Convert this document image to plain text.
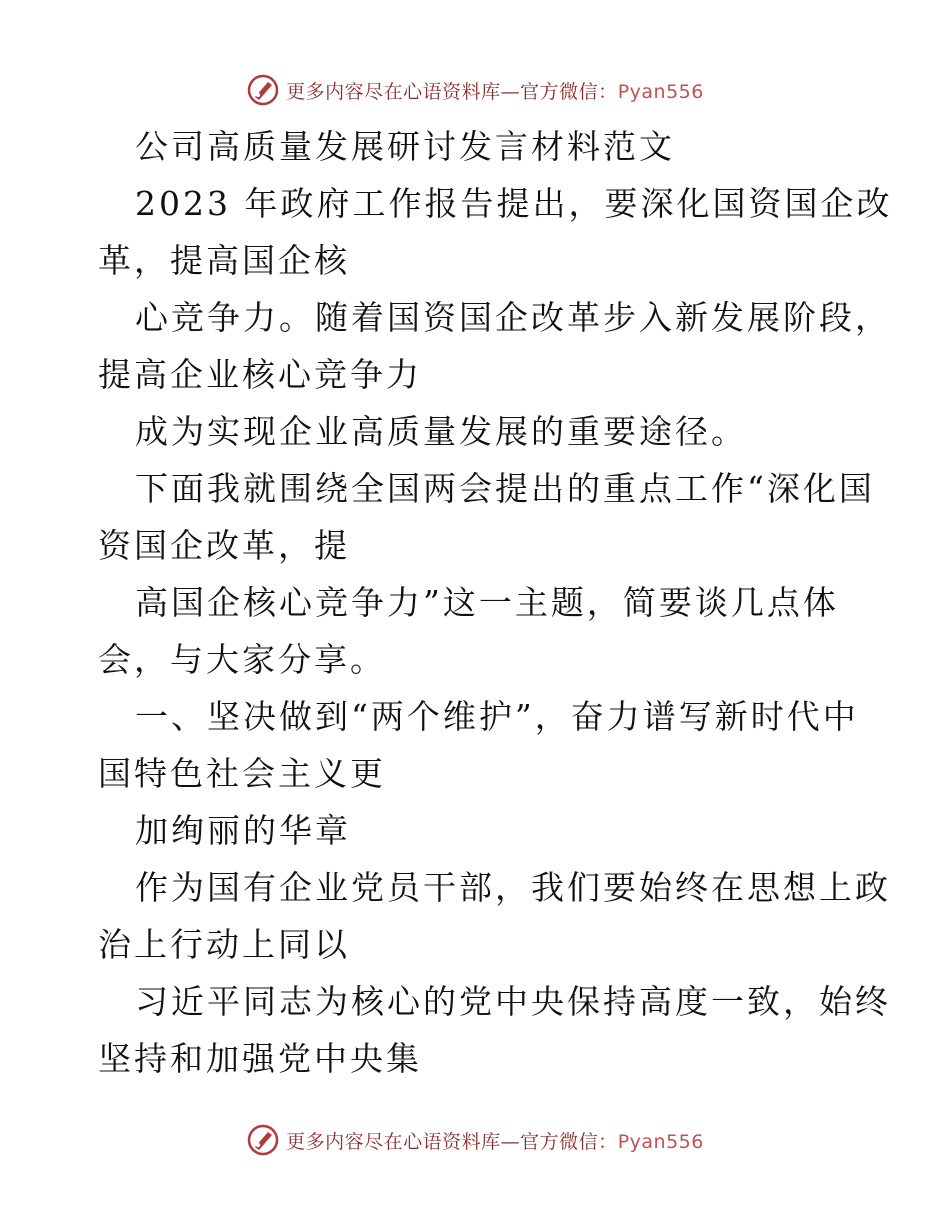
更多内容尽在心语资料库—官方微信：Pyan556
公司高质量发展研讨发言材料范文
2023 年政府工作报告提出，要深化国资国企改
革，提高国企核
心竞争力。随着国资国企改革步入新发展阶段，
提高企业核心竞争力
成为实现企业高质量发展的重要途径。
下面我就围绕全国两会提出的重点工作“深化国
资国企改革，提
高国企核心竞争力”这一主题，简要谈几点体
会，与大家分享。
一、坚决做到“两个维护”，奋力谱写新时代中
国特色社会主义更
加绚丽的华章
作为国有企业党员干部，我们要始终在思想上政
治上行动上同以
习近平同志为核心的党中央保持高度一致，始终
坚持和加强党中央集
更多内容尽在心语资料库—官方微信：Pyan556
